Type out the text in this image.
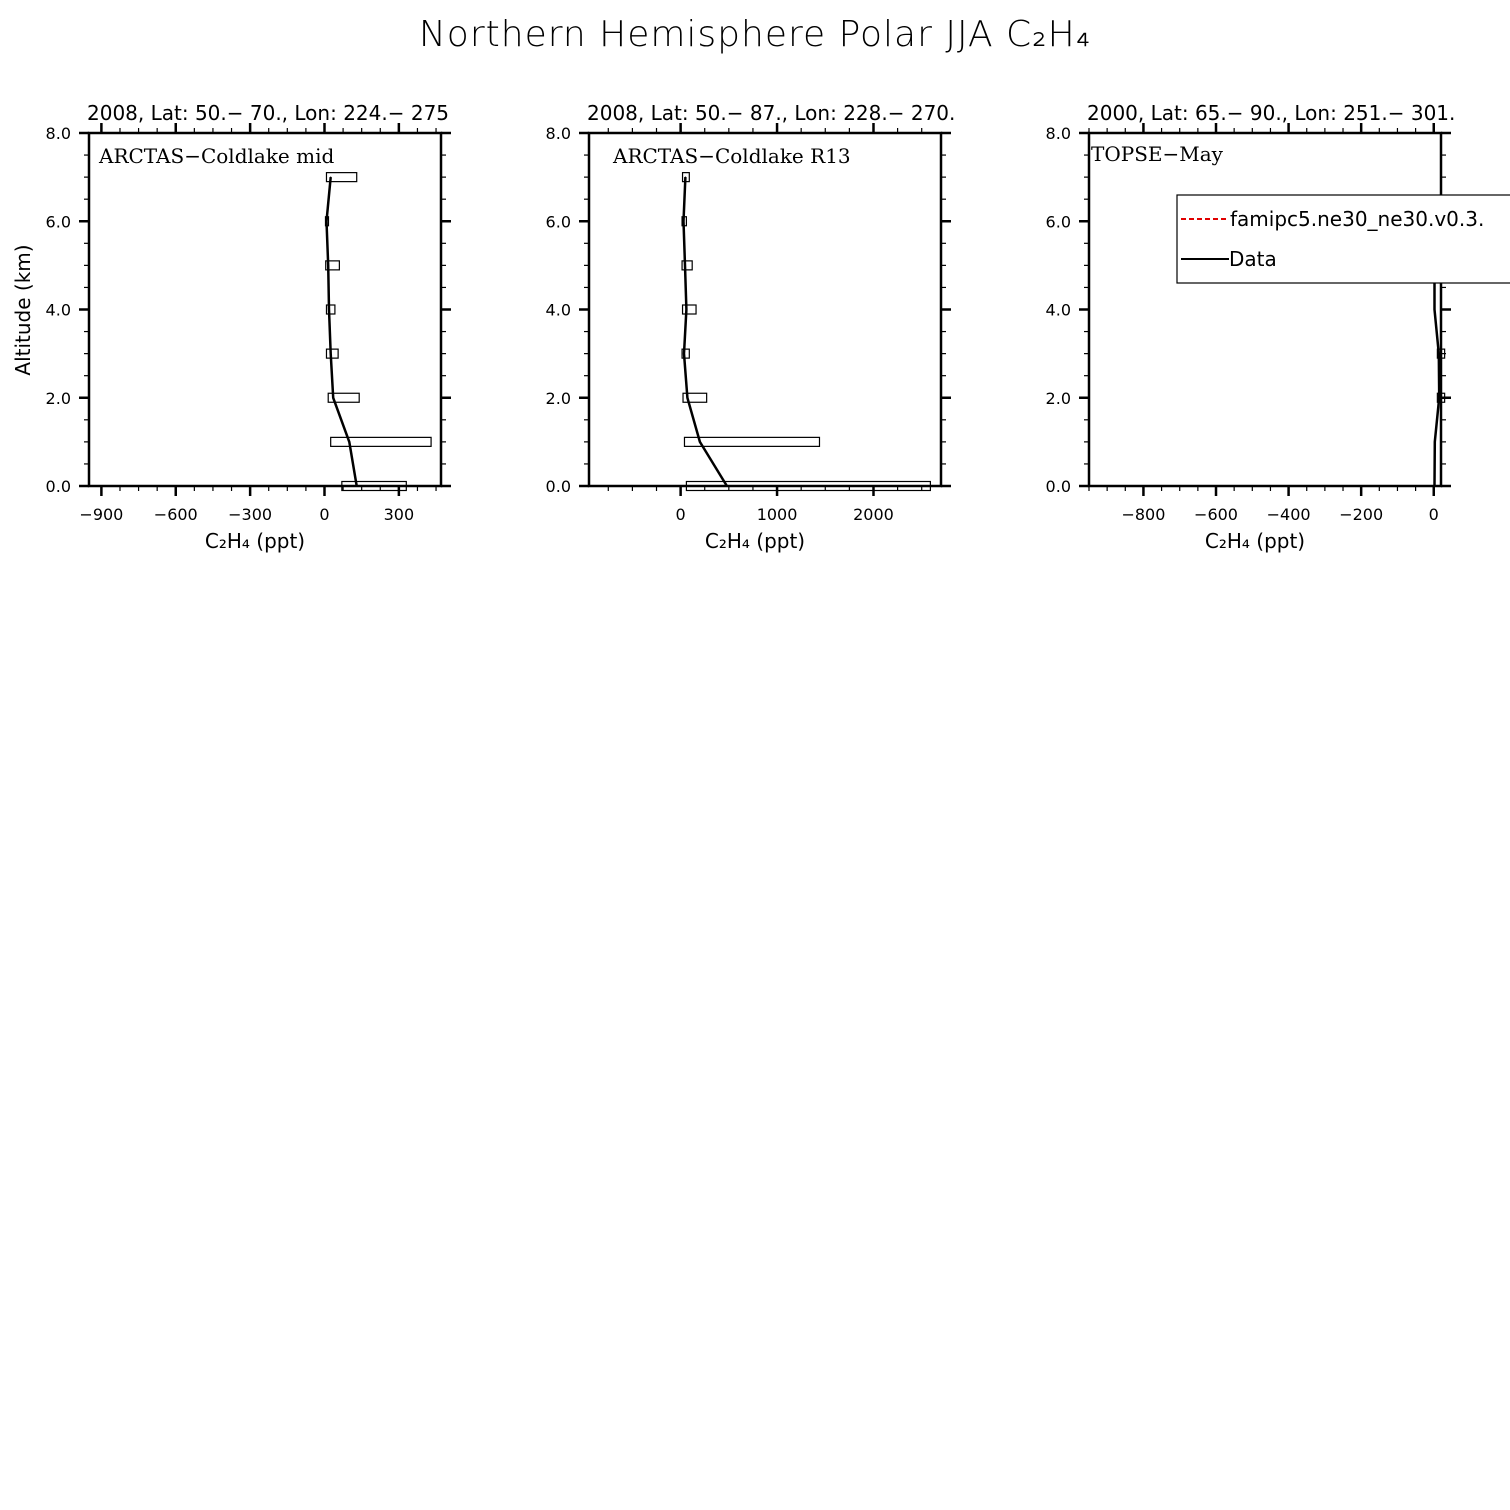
Northern Hemisphere Polar JJA C₂H₄
Altitude (km)
2008, Lat: 50.− 70., Lon: 224.− 275
0.0
2.0
4.0
6.0
8.0
−900 −600 −300	0	300
C₂H₄ (ppt)
ARCTAS−Coldlake mid
2008, Lat: 50.− 87., Lon: 228.− 270.
0.0
2.0
4.0
6.0
8.0
0	1000	2000
C₂H₄ (ppt)
ARCTAS−Coldlake R13
2000, Lat: 65.− 90., Lon: 251.− 301.
0.0
2.0
4.0
6.0
8.0
−800 −600 −400 −200	0
C₂H₄ (ppt)
TOPSE−May
famipc5.ne30_ne30.v0.3.
Data
